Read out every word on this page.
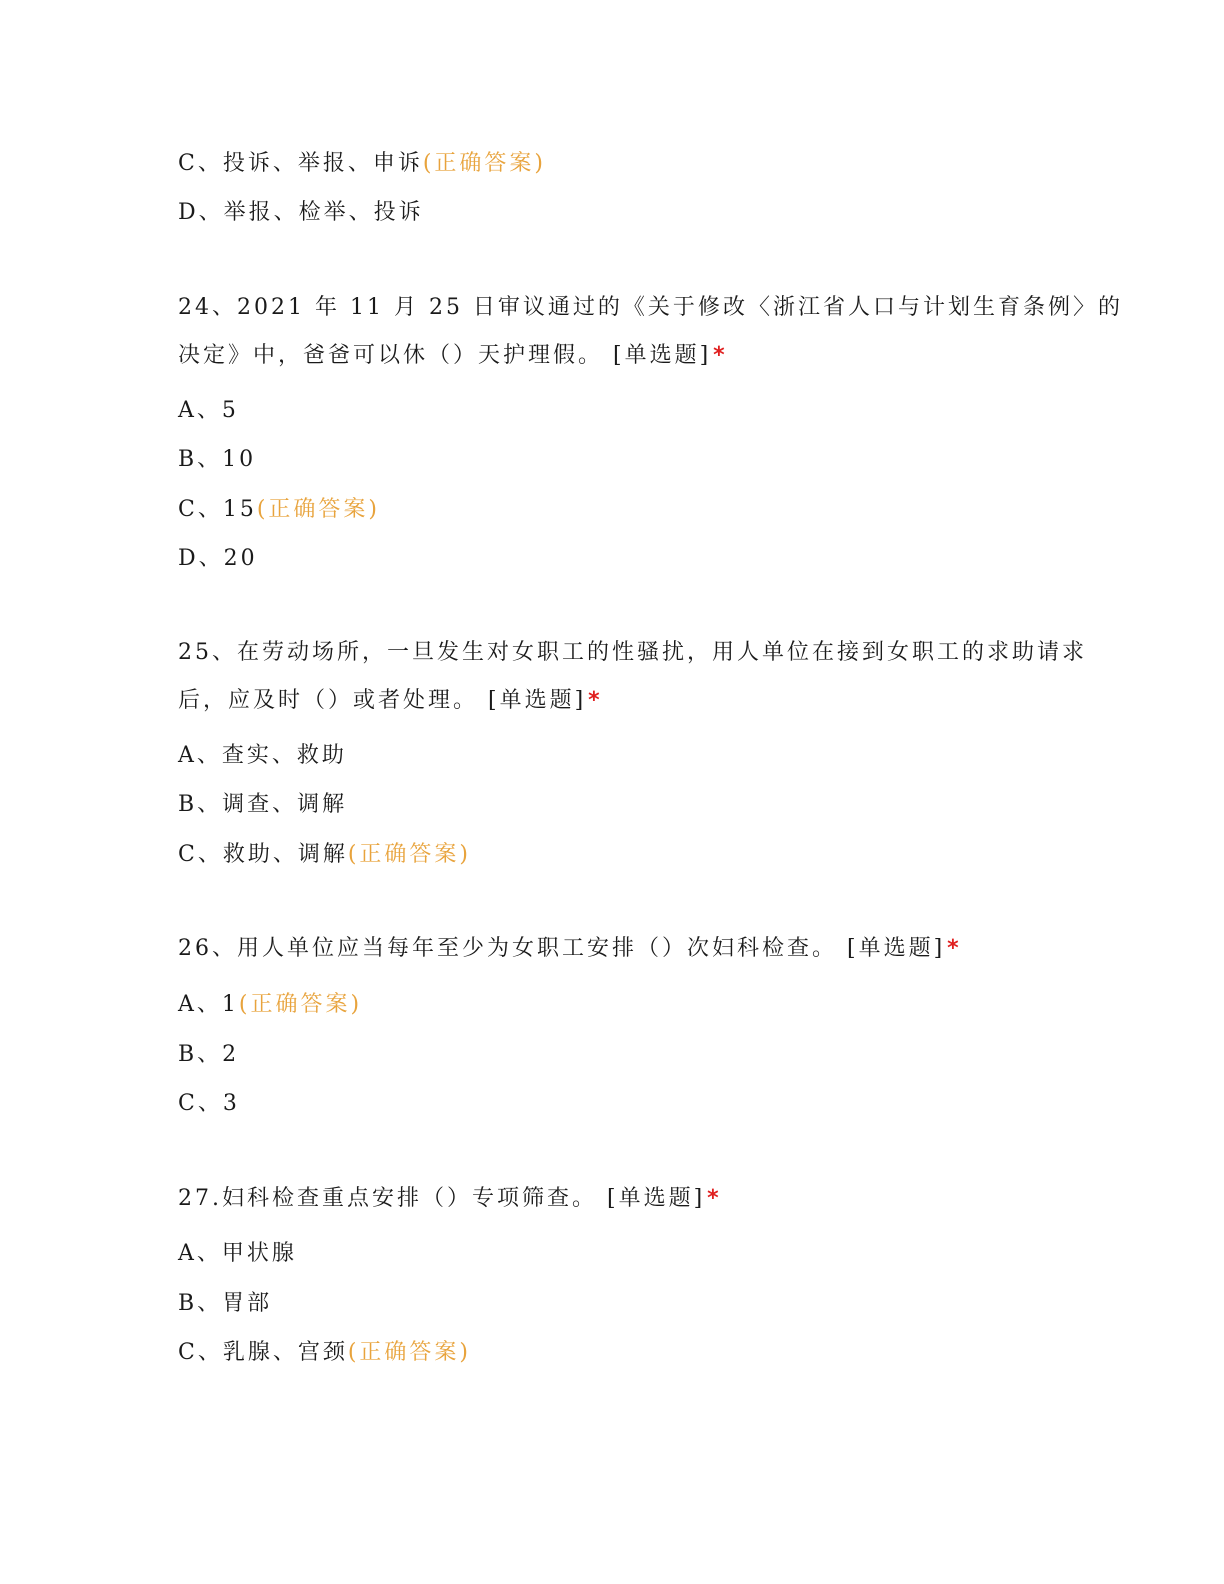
C、投诉、举报、申诉(正确答案)
D、举报、检举、投诉
24、2021 年 11 月 25 日审议通过的《关于修改〈浙江省人口与计划生育条例〉的
决定》中，爸爸可以休（）天护理假。 [单选题]*
A、5
B、10
C、15(正确答案)
D、20
25、在劳动场所，一旦发生对女职工的性骚扰，用人单位在接到女职工的求助请求
后，应及时（）或者处理。 [单选题]*
A、查实、救助
B、调查、调解
C、救助、调解(正确答案)
26、用人单位应当每年至少为女职工安排（）次妇科检查。 [单选题]*
A、1(正确答案)
B、2
C、3
27.妇科检查重点安排（）专项筛查。 [单选题]*
A、甲状腺
B、胃部
C、乳腺、宫颈(正确答案)
